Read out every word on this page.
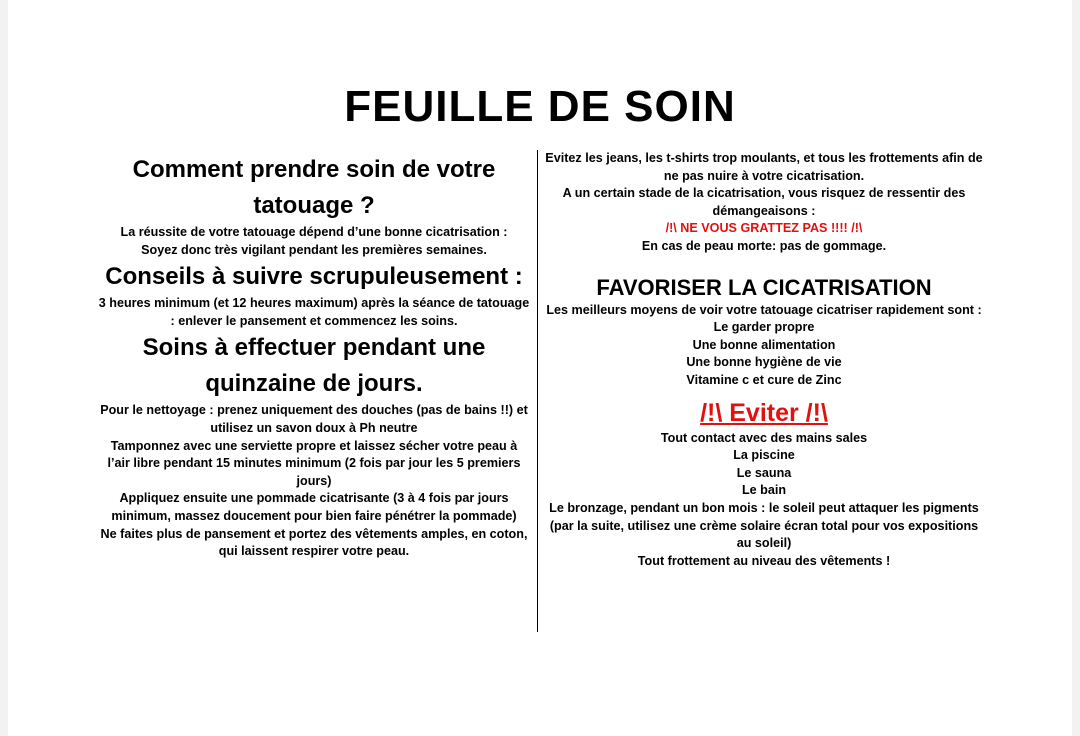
FEUILLE DE SOIN

Comment prendre soin de votre tatouage ?

La réussite de votre tatouage dépend d’une bonne cicatrisation :

Soyez donc très vigilant pendant les premières semaines.

Conseils à suivre scrupuleusement :

3 heures minimum (et 12 heures maximum) après la séance de tatouage : enlever le pansement et commencez les soins.

Soins à effectuer pendant une quinzaine de jours.

Pour le nettoyage : prenez uniquement des douches (pas de bains !!) et utilisez un savon doux à Ph neutre

Tamponnez avec une serviette propre et laissez sécher votre peau à l’air libre pendant 15 minutes minimum (2 fois par jour les 5 premiers jours)

Appliquez ensuite une pommade cicatrisante (3 à 4 fois par jours minimum, massez doucement pour bien faire pénétrer la pommade)

Ne faites plus de pansement et portez des vêtements amples, en coton, qui laissent respirer votre peau.

Evitez les jeans, les t-shirts trop moulants, et tous les frottements afin de ne pas nuire à votre cicatrisation.

A un certain stade de la cicatrisation, vous risquez de ressentir des démangeaisons :

/!\ NE VOUS GRATTEZ PAS !!!! /!\

En cas de peau morte: pas de gommage.

FAVORISER LA CICATRISATION

Les meilleurs moyens de voir votre tatouage cicatriser rapidement sont :

Le garder propre

Une bonne alimentation

Une bonne hygiène de vie

Vitamine c et cure de Zinc

/!\ Eviter /!\

Tout contact avec des mains sales

La piscine

Le sauna

Le bain

Le bronzage, pendant un bon mois : le soleil peut attaquer les pigments (par la suite, utilisez une crème solaire écran total pour vos expositions au soleil)

Tout frottement au niveau des vêtements !
